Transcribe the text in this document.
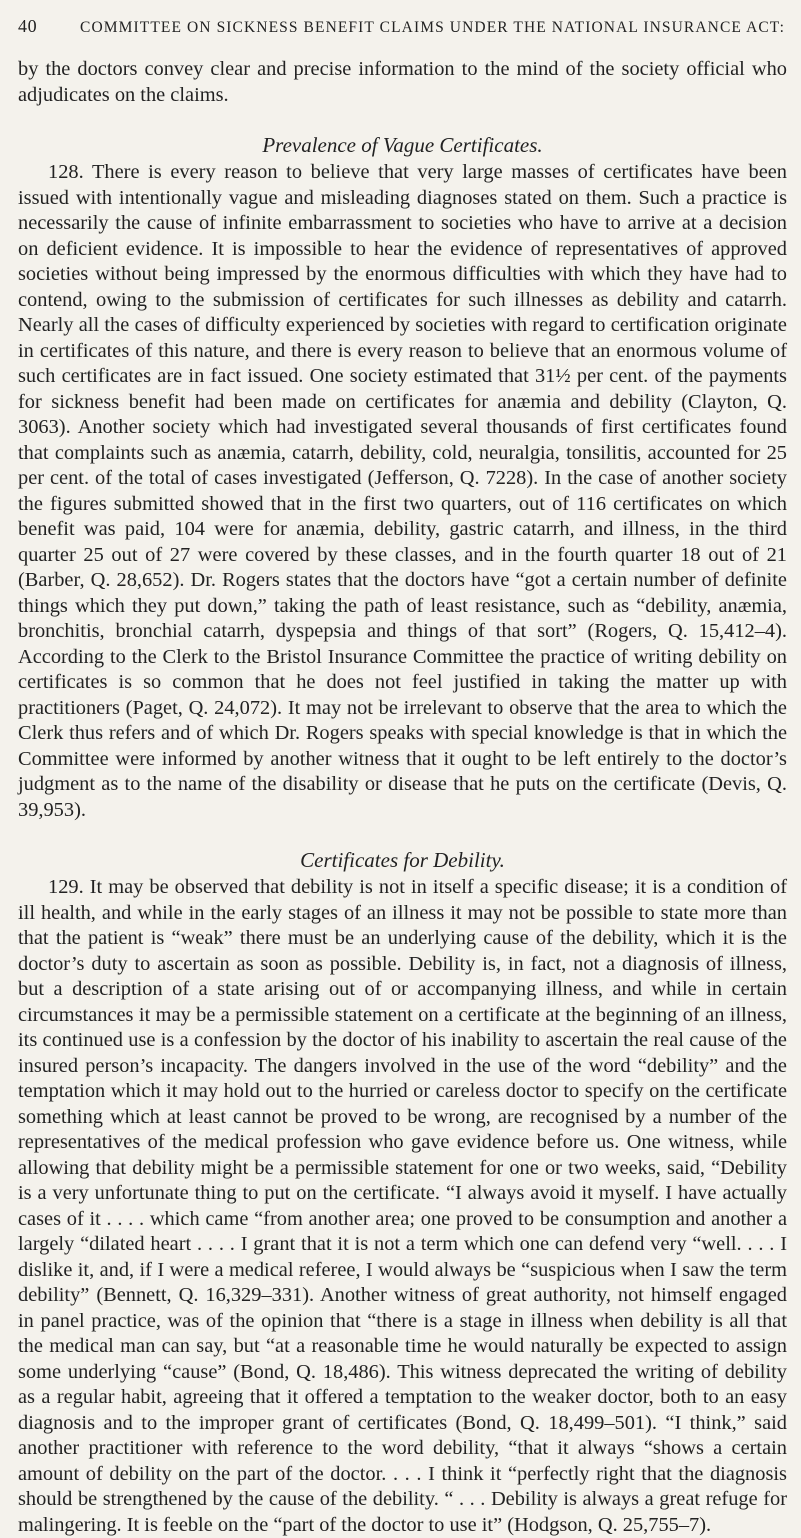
40	COMMITTEE ON SICKNESS BENEFIT CLAIMS UNDER THE NATIONAL INSURANCE ACT:

by the doctors convey clear and precise information to the mind of the society official who adjudicates on the claims.

Prevalence of Vague Certificates.

128. There is every reason to believe that very large masses of certificates have been issued with intentionally vague and misleading diagnoses stated on them. Such a practice is necessarily the cause of infinite embarrassment to societies who have to arrive at a decision on deficient evidence. It is impossible to hear the evidence of representatives of approved societies without being impressed by the enormous difficulties with which they have had to contend, owing to the submission of certificates for such illnesses as debility and catarrh. Nearly all the cases of difficulty experienced by societies with regard to certification originate in certificates of this nature, and there is every reason to believe that an enormous volume of such certificates are in fact issued. One society estimated that 31½ per cent. of the payments for sickness benefit had been made on certificates for anæmia and debility (Clayton, Q. 3063). Another society which had investigated several thousands of first certificates found that complaints such as anæmia, catarrh, debility, cold, neuralgia, tonsilitis, accounted for 25 per cent. of the total of cases investigated (Jefferson, Q. 7228). In the case of another society the figures submitted showed that in the first two quarters, out of 116 certificates on which benefit was paid, 104 were for anæmia, debility, gastric catarrh, and illness, in the third quarter 25 out of 27 were covered by these classes, and in the fourth quarter 18 out of 21 (Barber, Q. 28,652). Dr. Rogers states that the doctors have “got a certain number of definite things which they put down,” taking the path of least resistance, such as “debility, anæmia, bronchitis, bronchial catarrh, dyspepsia and things of that sort” (Rogers, Q. 15,412–4). According to the Clerk to the Bristol Insurance Committee the practice of writing debility on certificates is so common that he does not feel justified in taking the matter up with practitioners (Paget, Q. 24,072). It may not be irrelevant to observe that the area to which the Clerk thus refers and of which Dr. Rogers speaks with special knowledge is that in which the Committee were informed by another witness that it ought to be left entirely to the doctor’s judgment as to the name of the disability or disease that he puts on the certificate (Devis, Q. 39,953).

Certificates for Debility.

129. It may be observed that debility is not in itself a specific disease; it is a condition of ill health, and while in the early stages of an illness it may not be possible to state more than that the patient is “weak” there must be an underlying cause of the debility, which it is the doctor’s duty to ascertain as soon as possible. Debility is, in fact, not a diagnosis of illness, but a description of a state arising out of or accompanying illness, and while in certain circumstances it may be a permissible statement on a certificate at the beginning of an illness, its continued use is a confession by the doctor of his inability to ascertain the real cause of the insured person’s incapacity. The dangers involved in the use of the word “debility” and the temptation which it may hold out to the hurried or careless doctor to specify on the certificate something which at least cannot be proved to be wrong, are recognised by a number of the representatives of the medical profession who gave evidence before us. One witness, while allowing that debility might be a permissible statement for one or two weeks, said, “Debility is a very unfortunate thing to put on the certificate. “I always avoid it myself. I have actually cases of it . . . . which came “from another area; one proved to be consumption and another a largely “dilated heart . . . . I grant that it is not a term which one can defend very “well. . . . I dislike it, and, if I were a medical referee, I would always be “suspicious when I saw the term debility” (Bennett, Q. 16,329–331). Another witness of great authority, not himself engaged in panel practice, was of the opinion that “there is a stage in illness when debility is all that the medical man can say, but “at a reasonable time he would naturally be expected to assign some underlying “cause” (Bond, Q. 18,486). This witness deprecated the writing of debility as a regular habit, agreeing that it offered a temptation to the weaker doctor, both to an easy diagnosis and to the improper grant of certificates (Bond, Q. 18,499–501). “I think,” said another practitioner with reference to the word debility, “that it always “shows a certain amount of debility on the part of the doctor. . . . I think it “perfectly right that the diagnosis should be strengthened by the cause of the debility. “ . . . Debility is always a great refuge for malingering. It is feeble on the “part of the doctor to use it” (Hodgson, Q. 25,755–7).
